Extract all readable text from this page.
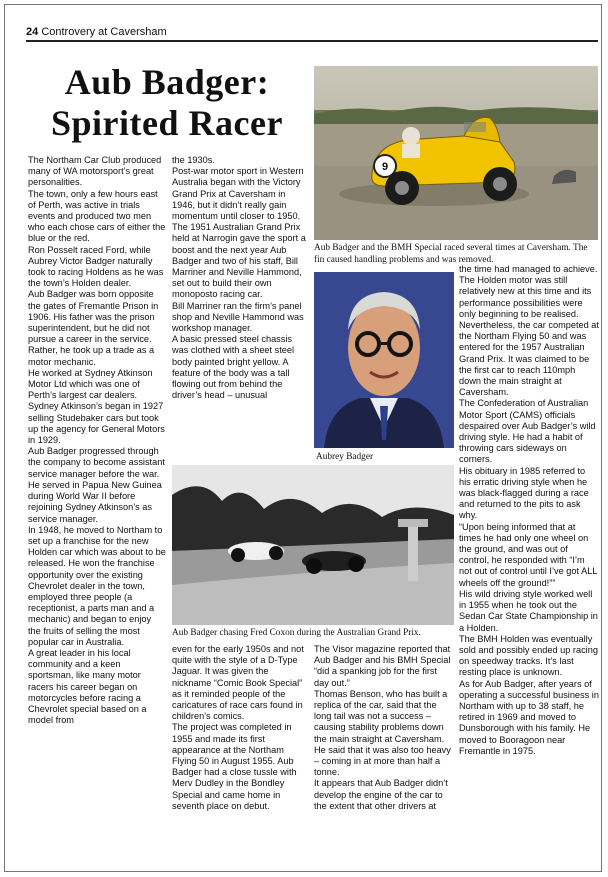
24 Controvery at Caversham
Aub Badger:
Spirited Racer
9
Aub Badger and the BMH Special raced several times at Caversham. The fin caused handling problems and was removed.
Aubrey Badger
Aub Badger chasing Fred Coxon during the Australian Grand Prix.

The Northam Car Club produced many of WA motorsport’s great personalities.

The town, only a few hours east of Perth, was active in trials events and produced two men who each chose cars of either the blue or the red.

Ron Posselt raced Ford, while Aubrey Victor Badger naturally took to racing Holdens as he was the town’s Holden dealer.

Aub Badger was born opposite the gates of Fremantle Prison in 1906. His father was the prison superintendent, but he did not pursue a career in the service. Rather, he took up a trade as a motor mechanic.

He worked at Sydney Atkinson Motor Ltd which was one of Perth’s largest car dealers. Sydney Atkinson’s began in 1927 selling Studebaker cars but took up the agency for General Motors in 1929.

Aub Badger progressed through the company to become assistant service manager before the war. He served in Papua New Guinea during World War II before rejoining Sydney Atkinson’s as service manager.

In 1948, he moved to Northam to set up a franchise for the new Holden car which was about to be released. He won the franchise opportunity over the existing Chevrolet dealer in the town, employed three people (a receptionist, a parts man and a mechanic) and began to enjoy the fruits of selling the most popular car in Australia.

A great leader in his local community and a keen sportsman, like many motor racers his career began on motorcycles before racing a Chevrolet special based on a model from

the 1930s.

Post-war motor sport in Western Australia began with the Victory Grand Prix at Caversham in 1946, but it didn’t really gain momentum until closer to 1950.

The 1951 Australian Grand Prix held at Narrogin gave the sport a boost and the next year Aub Badger and two of his staff, Bill Marriner and Neville Hammond, set out to build their own monoposto racing car.

Bill Marriner ran the firm’s panel shop and Neville Hammond was workshop manager.

A basic pressed steel chassis was clothed with a sheet steel body painted bright yellow. A feature of the body was a tall flowing out from behind the driver’s head – unusual

even for the early 1950s and not quite with the style of a D-Type Jaguar. It was given the nickname “Comic Book Special” as it reminded people of the caricatures of race cars found in children’s comics.

The project was completed in 1955 and made its first appearance at the Northam Flying 50 in August 1955. Aub Badger had a close tussle with Merv Dudley in the Bondley Special and came home in seventh place on debut.

The Visor magazine reported that Aub Badger and his BMH Special “did a spanking job for the first day out.”

Thomas Benson, who has built a replica of the car, said that the long tail was not a success – causing stability problems down the main straight at Caversham. He said that it was also too heavy – coming in at more than half a tonne.

It appears that Aub Badger didn’t develop the engine of the car to the extent that other drivers at

the time had managed to achieve. The Holden motor was still relatively new at this time and its performance possibilities were only beginning to be realised.

Nevertheless, the car competed at the Northam Flying 50 and was entered for the 1957 Australian Grand Prix. It was claimed to be the first car to reach 110mph down the main straight at Caversham.

The Confederation of Australian Motor Sport (CAMS) officials despaired over Aub Badger’s wild driving style. He had a habit of throwing cars sideways on corners.

His obituary in 1985 referred to his erratic driving style when he was black-flagged during a race and returned to the pits to ask why.

“Upon being informed that at times he had only one wheel on the ground, and was out of control, he responded with “I’m not out of control until I’ve got ALL wheels off the ground!””

His wild driving style worked well in 1955 when he took out the Sedan Car State Championship in a Holden.

The BMH Holden was eventually sold and possibly ended up racing on speedway tracks. It’s last resting place is unknown.

As for Aub Badger, after years of operating a successful business in Northam with up to 38 staff, he retired in 1969 and moved to Dunsborough with his family. He moved to Booragoon near Fremantle in 1975.
